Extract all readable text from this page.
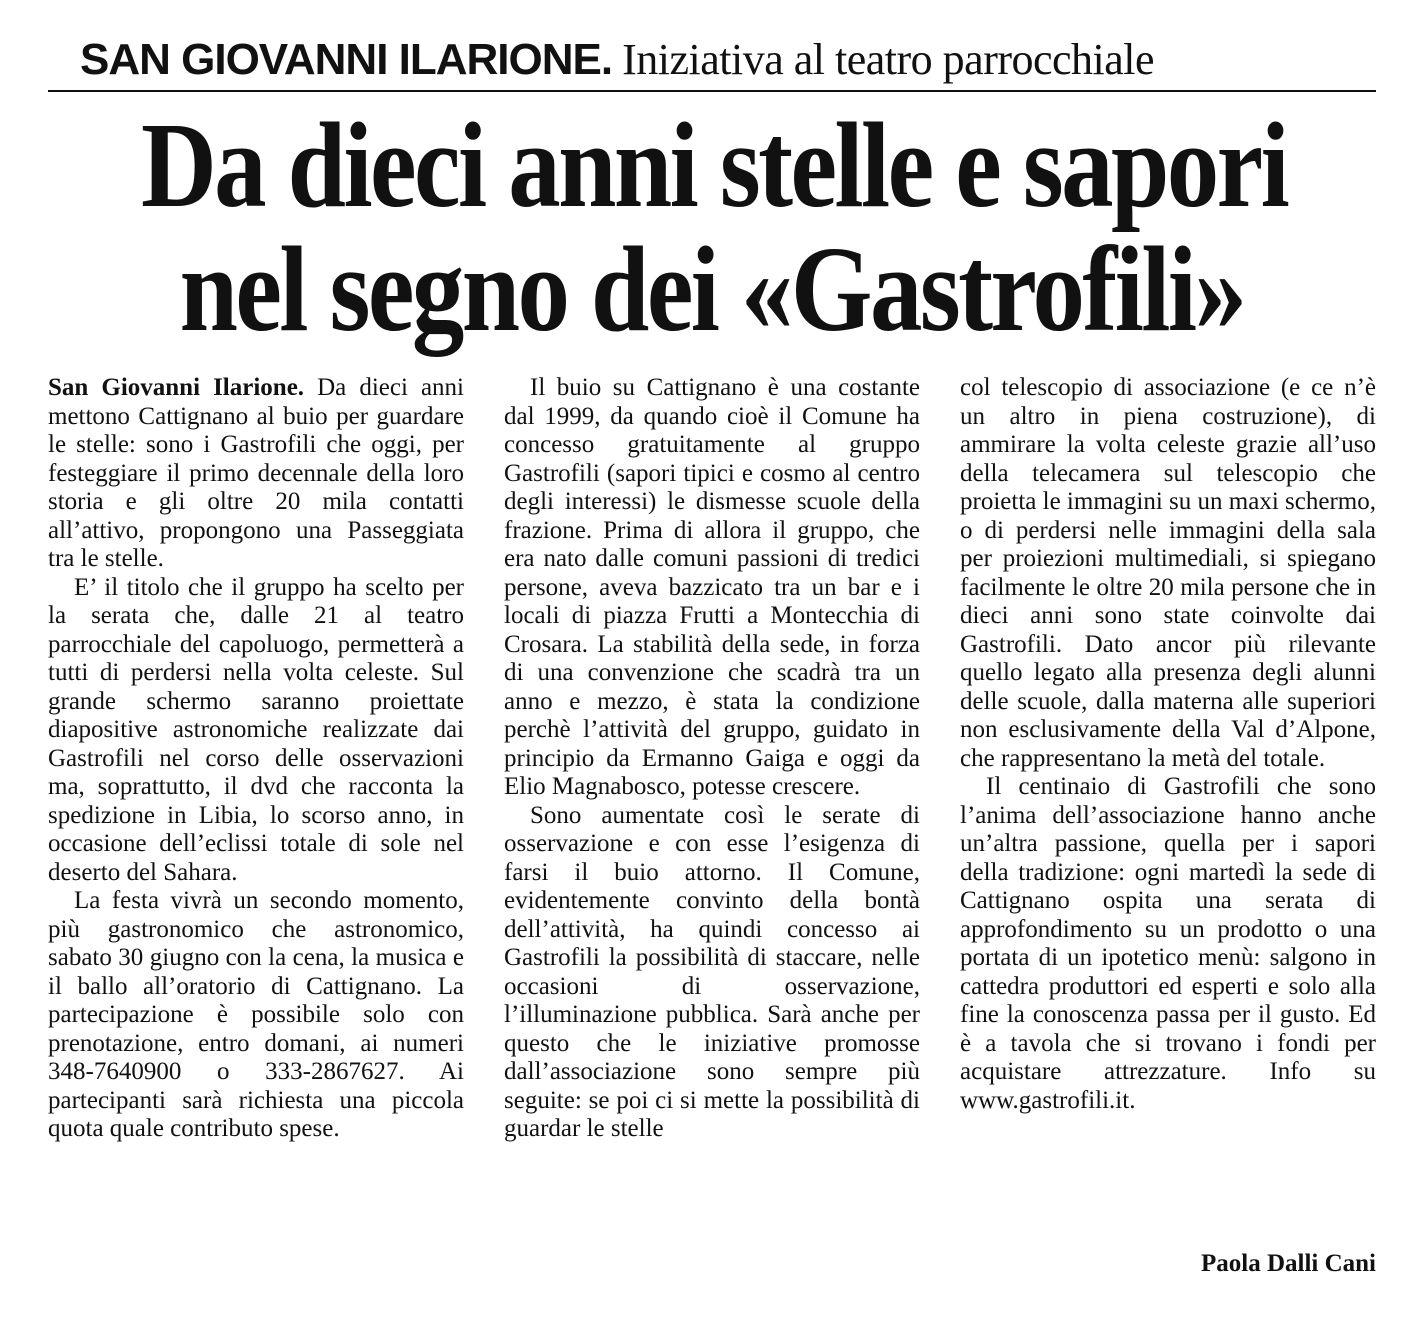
SAN GIOVANNI ILARIONE. Iniziativa al teatro parrocchiale
Da dieci anni stelle e sapori
nel segno dei «Gastrofili»

San Giovanni Ilarione. Da dieci anni mettono Cattignano al buio per guardare le stelle: sono i Gastrofili che oggi, per festeggiare il primo decennale della loro storia e gli oltre 20 mila contatti all’attivo, propongono una Passeggiata tra le stelle.

E’ il titolo che il gruppo ha scelto per la serata che, dalle 21 al teatro parrocchiale del capoluogo, permetterà a tutti di perdersi nella volta celeste. Sul grande schermo saranno proiettate diapositive astronomiche realizzate dai Gastrofili nel corso delle osservazioni ma, soprattutto, il dvd che racconta la spedizione in Libia, lo scorso anno, in occasione dell’eclissi totale di sole nel deserto del Sahara.

La festa vivrà un secondo momento, più gastronomico che astronomico, sabato 30 giugno con la cena, la musica e il ballo all’oratorio di Cattignano. La partecipazione è possibile solo con prenotazione, entro domani, ai numeri 348-7640900 o 333-2867627. Ai partecipanti sarà richiesta una piccola quota quale contributo spese.

Il buio su Cattignano è una costante dal 1999, da quando cioè il Comune ha concesso gratuitamente al gruppo Gastrofili (sapori tipici e cosmo al centro degli interessi) le dismesse scuole della frazione. Prima di allora il gruppo, che era nato dalle comuni passioni di tredici persone, aveva bazzicato tra un bar e i locali di piazza Frutti a Montecchia di Crosara. La stabilità della sede, in forza di una convenzione che scadrà tra un anno e mezzo, è stata la condizione perchè l’attività del gruppo, guidato in principio da Ermanno Gaiga e oggi da Elio Magnabosco, potesse crescere.

Sono aumentate così le serate di osservazione e con esse l’esigenza di farsi il buio attorno. Il Comune, evidentemente convinto della bontà dell’attività, ha quindi concesso ai Gastrofili la possibilità di staccare, nelle occasioni di osservazione, l’illuminazione pubblica. Sarà anche per questo che le iniziative promosse dall’associazione sono sempre più seguite: se poi ci si mette la possibilità di guardar le stelle

col telescopio di associazione (e ce n’è un altro in piena costruzione), di ammirare la volta celeste grazie all’uso della telecamera sul telescopio che proietta le immagini su un maxi schermo, o di perdersi nelle immagini della sala per proiezioni multimediali, si spiegano facilmente le oltre 20 mila persone che in dieci anni sono state coinvolte dai Gastrofili. Dato ancor più rilevante quello legato alla presenza degli alunni delle scuole, dalla materna alle superiori non esclusivamente della Val d’Alpone, che rappresentano la metà del totale.

Il centinaio di Gastrofili che sono l’anima dell’associazione hanno anche un’altra passione, quella per i sapori della tradizione: ogni martedì la sede di Cattignano ospita una serata di approfondimento su un prodotto o una portata di un ipotetico menù: salgono in cattedra produttori ed esperti e solo alla fine la conoscenza passa per il gusto. Ed è a tavola che si trovano i fondi per acquistare attrezzature. Info su www.gastrofili.it.

Paola Dalli Cani
